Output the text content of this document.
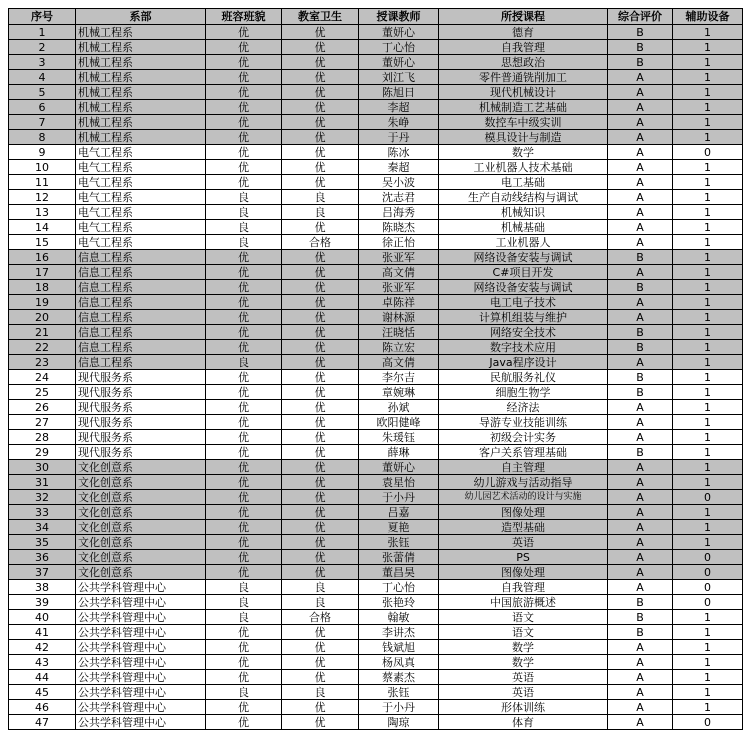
序号	系部	班容班貌	教室卫生	授课教师	所授课程	综合评价	辅助设备
1	机械工程系	优	优	董妍心	德育	B	1
2	机械工程系	优	优	丁心怡	自我管理	B	1
3	机械工程系	优	优	董妍心	思想政治	B	1
4	机械工程系	优	优	刘江飞	零件普通铣削加工	A	1
5	机械工程系	优	优	陈旭日	现代机械设计	A	1
6	机械工程系	优	优	李超	机械制造工艺基础	A	1
7	机械工程系	优	优	朱峥	数控车中级实训	A	1
8	机械工程系	优	优	于丹	模具设计与制造	A	1
9	电气工程系	优	优	陈冰	数学	A	0
10	电气工程系	优	优	秦超	工业机器人技术基础	A	1
11	电气工程系	优	优	吴小波	电工基础	A	1
12	电气工程系	良	良	沈志君	生产自动线结构与调试	A	1
13	电气工程系	良	良	吕海秀	机械知识	A	1
14	电气工程系	良	优	陈晓杰	机械基础	A	1
15	电气工程系	良	合格	徐正怡	工业机器人	A	1
16	信息工程系	优	优	张亚军	网络设备安装与调试	B	1
17	信息工程系	优	优	高文倩	C#项目开发	A	1
18	信息工程系	优	优	张亚军	网络设备安装与调试	B	1
19	信息工程系	优	优	卓陈祥	电工电子技术	A	1
20	信息工程系	优	优	谢林源	计算机组装与维护	A	1
21	信息工程系	优	优	汪晓恬	网络安全技术	B	1
22	信息工程系	优	优	陈立宏	数字技术应用	B	1
23	信息工程系	良	优	高文倩	Java程序设计	A	1
24	现代服务系	优	优	李尔吉	民航服务礼仪	B	1
25	现代服务系	优	优	章婉琳	细胞生物学	B	1
26	现代服务系	优	优	孙斌	经济法	A	1
27	现代服务系	优	优	欧阳健峰	导游专业技能训练	A	1
28	现代服务系	优	优	朱瑗钰	初级会计实务	A	1
29	现代服务系	优	优	薛琳	客户关系管理基础	B	1
30	文化创意系	优	优	董妍心	自主管理	A	1
31	文化创意系	优	优	袁星怡	幼儿游戏与活动指导	A	1
32	文化创意系	优	优	于小丹	幼儿园艺术活动的设计与实施	A	0
33	文化创意系	优	优	吕嘉	图像处理	A	1
34	文化创意系	优	优	夏艳	造型基础	A	1
35	文化创意系	优	优	张钰	英语	A	1
36	文化创意系	优	优	张蕾倩	PS	A	0
37	文化创意系	优	优	董昌昊	图像处理	A	0
38	公共学科管理中心	良	良	丁心怡	自我管理	A	0
39	公共学科管理中心	良	良	张艳玲	中国旅游概述	B	0
40	公共学科管理中心	良	合格	翰敏	语文	B	1
41	公共学科管理中心	优	优	李讲杰	语文	B	1
42	公共学科管理中心	优	优	钱斌旭	数学	A	1
43	公共学科管理中心	优	优	杨凤真	数学	A	1
44	公共学科管理中心	优	优	蔡素杰	英语	A	1
45	公共学科管理中心	良	良	张钰	英语	A	1
46	公共学科管理中心	优	优	于小丹	形体训练	A	1
47	公共学科管理中心	优	优	陶琼	体育	A	0
